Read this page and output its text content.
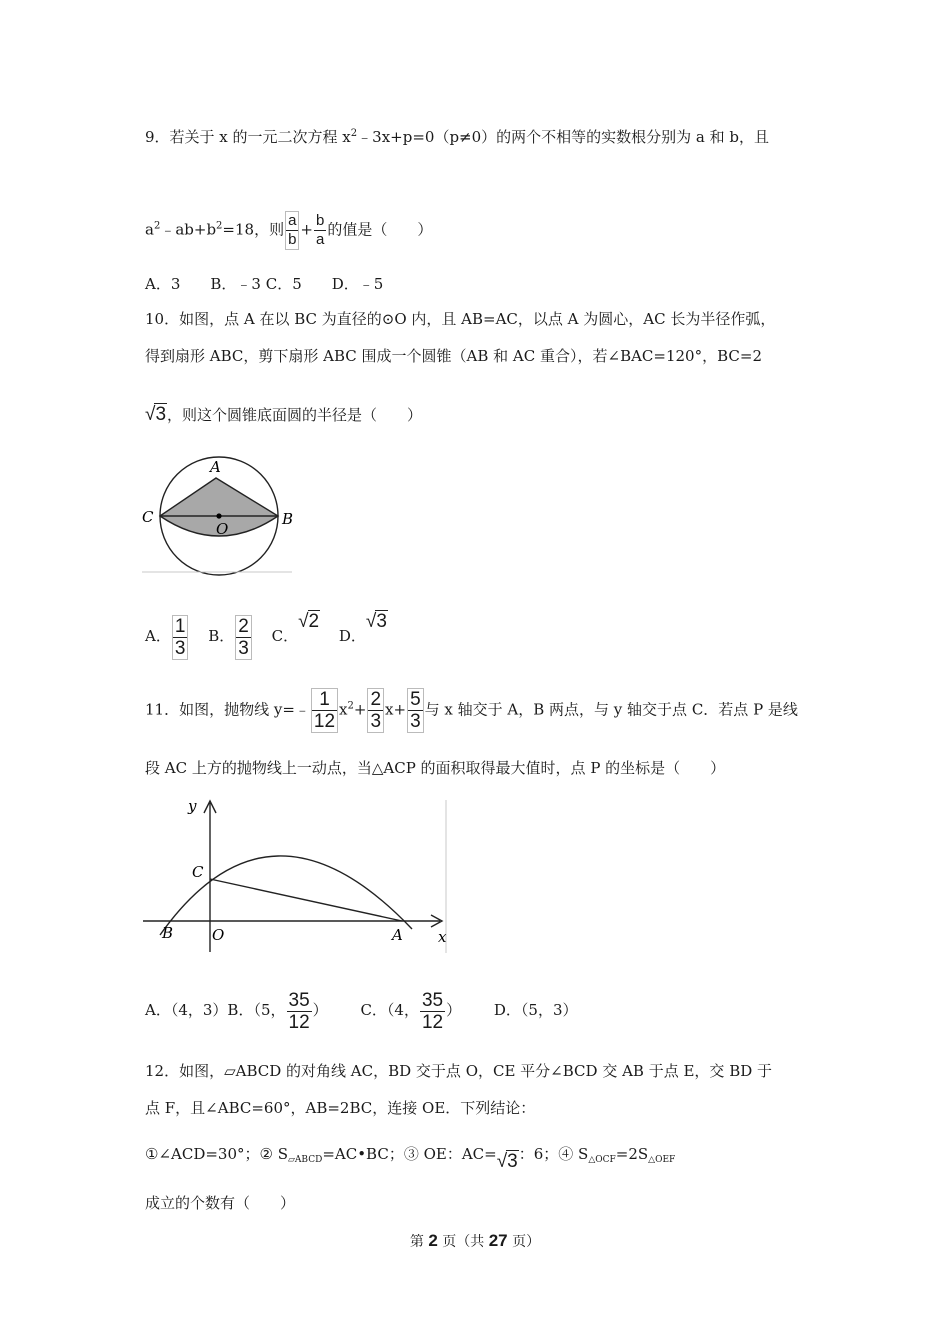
9．若关于 x 的一元二次方程 $x^2﹣3x+p=0(p\ne 0)$的两个不相等的实数根分别为 a 和 b，且
$a^2﹣ab+b^2=18$，则 $\frac{a}{b} + \frac{b}{a}$ 的值是（　　）
A．3　　B．﹣3 C．5　　D．﹣5
10．如图，点 A 在以 BC 为直径的⊙O 内，且 AB=AC，以点 A 为圆心，AC 长为半径作弧，
得到扇形 ABC，剪下扇形 ABC 围成一个圆锥（AB 和 AC 重合），若∠BAC=120°，BC=2
√3，则这个圆锥底面圆的半径是（　　）
A
C	B
O
A． $\frac{1}{3}$ B． $\frac{2}{3}$ C．√2 D．√3
11．如图，抛物线 y=﹣ $\frac{1}{12} x^2+ \frac{2}{3} x+ \frac{5}{3}$ 与 x 轴交于 A，B 两点，与 y 轴交于点 C．若点 P 是线
段 AC 上方的抛物线上一动点，当△ACP 的面积取得最大值时，点 P 的坐标是（　　）
y
x
C
B	O	A
A．（4，3）B．（5， $\frac{35}{12}$ ） C．（4， $\frac{35}{12}$ ） D．（5，3）
12．如图，▱ABCD 的对角线 AC，BD 交于点 O，CE 平分∠BCD 交 AB 于点 E，交 BD 于
点 F，且∠ABC=60°，AB=2BC，连接 OE．下列结论：
①∠ACD=30°；② $S_{▱ABCD}=AC•BC$；③ OE：AC=√3：6；④ $S_{\triangle OCF}=2S_{\triangle OEF}$
成立的个数有（　　）
第 2 页（共 27 页）
